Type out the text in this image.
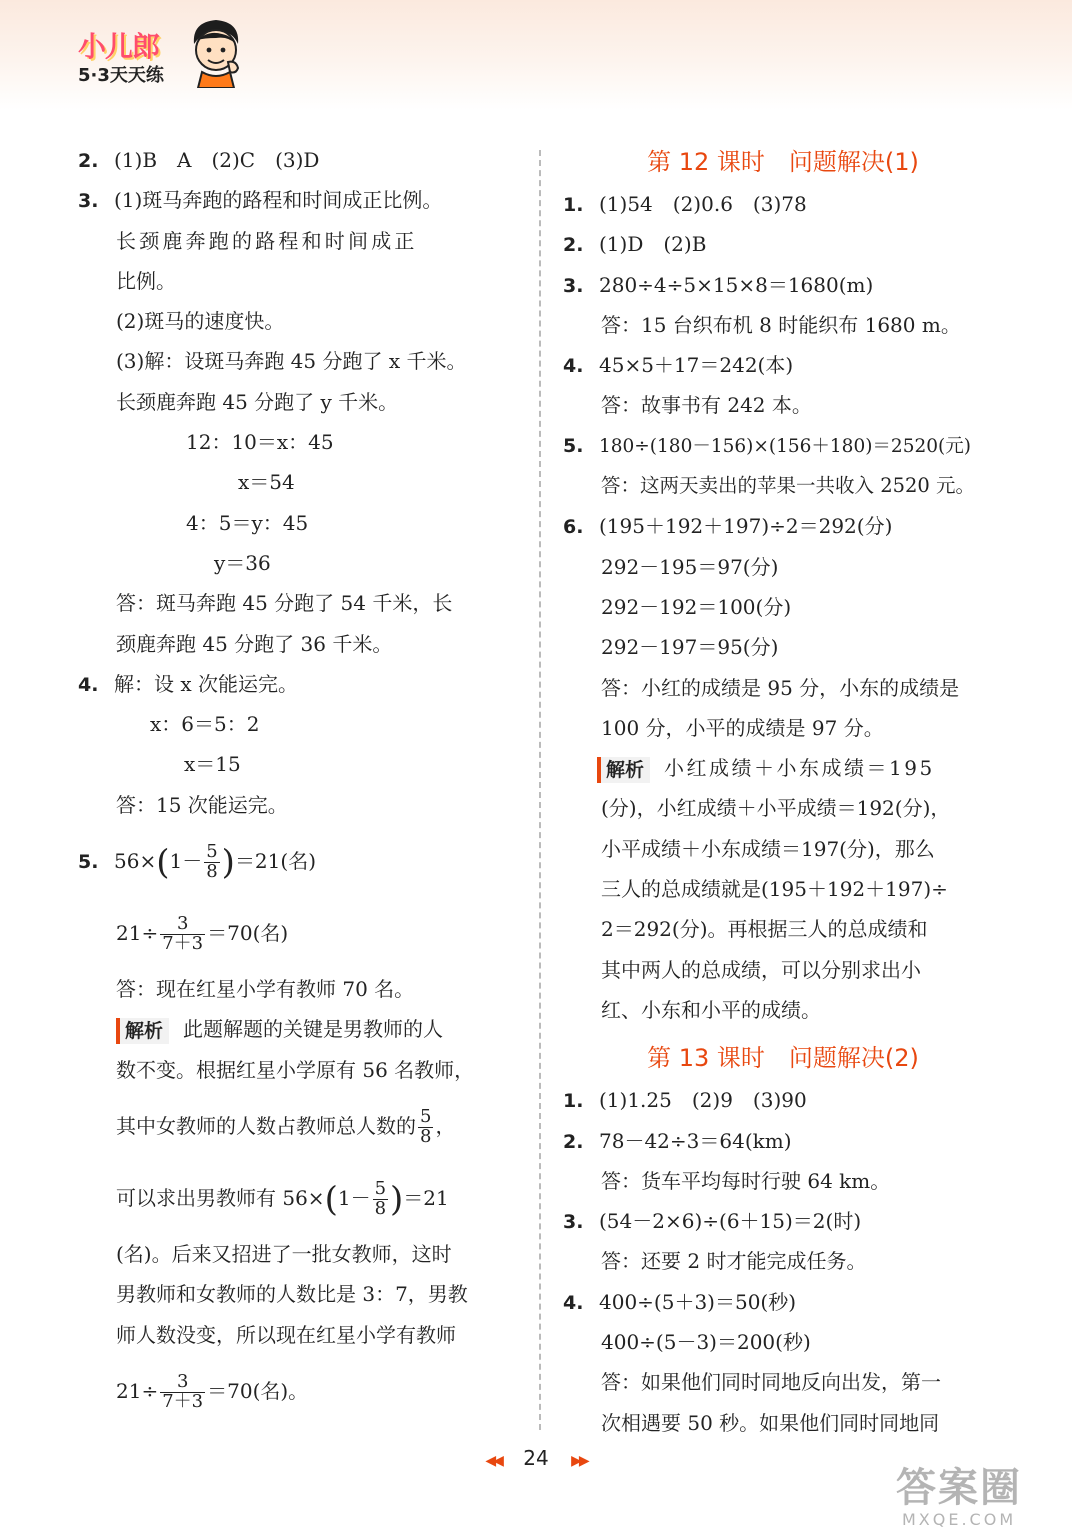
小儿郎
5·3天天练
2. (1)B　A　(2)C　(3)D
3. (1)斑马奔跑的路程和时间成正比例。
长颈鹿奔跑的路程和时间成正
比例。
(2)斑马的速度快。
(3)解：设斑马奔跑 45 分跑了 x 千米。
长颈鹿奔跑 45 分跑了 y 千米。
12：10＝x：45
x＝54
4：5＝y：45
y＝36
答：斑马奔跑 45 分跑了 54 千米，长
颈鹿奔跑 45 分跑了 36 千米。
4. 解：设 x 次能运完。
x：6＝5：2
x＝15
答：15 次能运完。
5. $56\times(1- \frac{5}{8} )=21$(名)
$21\div \frac{3}{7+3} =70$(名)
答：现在红星小学有教师 70 名。
解析 此题解题的关键是男教师的人
数不变。根据红星小学原有 56 名教师，
其中女教师的人数占教师总人数的 $\frac{5}{8}$ ，
可以求出男教师有 $56\times(1- \frac{5}{8} )=21$
(名)。后来又招进了一批女教师，这时
男教师和女教师的人数比是 3：7，男教
师人数没变，所以现在红星小学有教师
$21\div \frac{3}{7+3} =70$(名)。
第 12 课时 问题解决(1)
1. (1)54　(2)0.6　(3)78
2. (1)D　(2)B
3. 280÷4÷5×15×8＝1680(m)
答：15 台织布机 8 时能织布 1680 m。
4. 45×5＋17＝242(本)
答：故事书有 242 本。
5. 180÷(180－156)×(156＋180)＝2520(元)
答：这两天卖出的苹果一共收入 2520 元。
6. (195＋192＋197)÷2＝292(分)
292－195＝97(分)
292－192＝100(分)
292－197＝95(分)
答：小红的成绩是 95 分，小东的成绩是
100 分，小平的成绩是 97 分。
解析 小红成绩＋小东成绩＝195
(分)，小红成绩＋小平成绩＝192(分)，
小平成绩＋小东成绩＝197(分)，那么
三人的总成绩就是(195＋192＋197)÷
2＝292(分)。再根据三人的总成绩和
其中两人的总成绩，可以分别求出小
红、小东和小平的成绩。
第 13 课时 问题解决(2)
1. (1)1.25　(2)9　(3)90
2. 78－42÷3＝64(km)
答：货车平均每时行驶 64 km。
3. (54－2×6)÷(6＋15)＝2(时)
答：还要 2 时才能完成任务。
4. 400÷(5＋3)＝50(秒)
400÷(5－3)＝200(秒)
答：如果他们同时同地反向出发，第一
次相遇要 50 秒。如果他们同时同地同
◀◀ 24 ▶▶
答案圈
MXQE.COM
